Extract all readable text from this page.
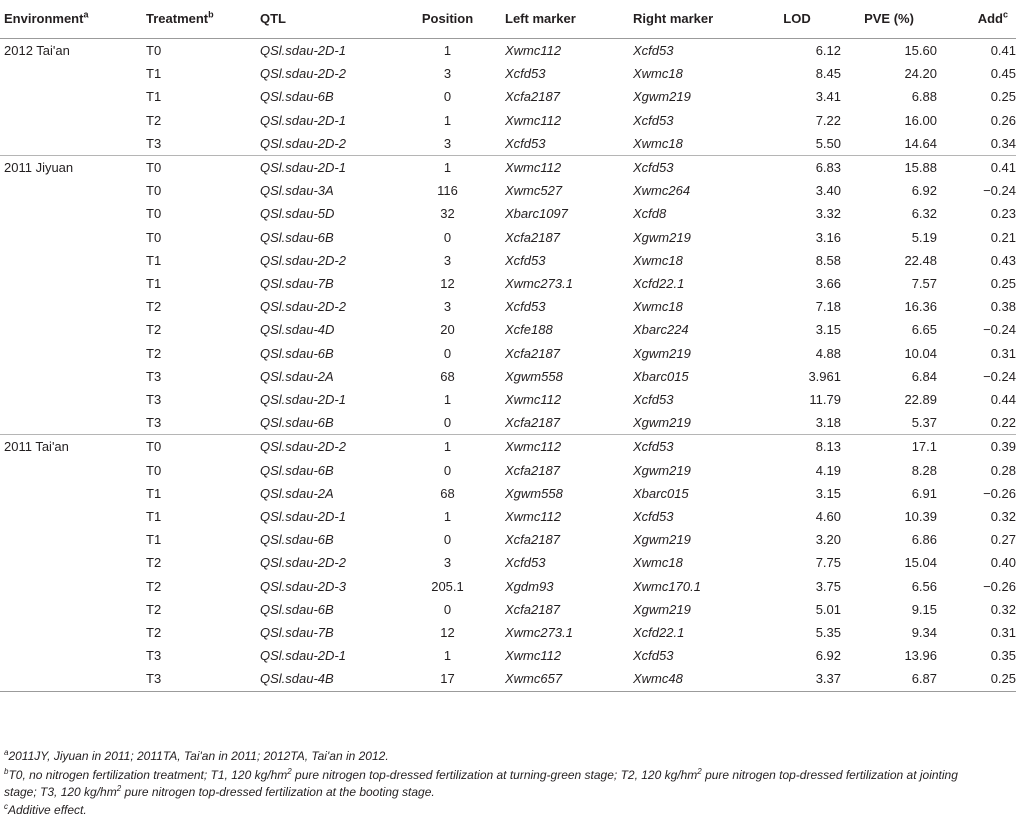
Environment$^a$	Treatment$^b$	QTL	Position	Left marker	Right marker	LOD	PVE (%)	Add$^c$
2012 Tai'an	T0	QSl.sdau-2D-1	1	Xwmc112	Xcfd53	6.12	15.60	0.41
	T1	QSl.sdau-2D-2	3	Xcfd53	Xwmc18	8.45	24.20	0.45
	T1	QSl.sdau-6B	0	Xcfa2187	Xgwm219	3.41	6.88	0.25
	T2	QSl.sdau-2D-1	1	Xwmc112	Xcfd53	7.22	16.00	0.26
	T3	QSl.sdau-2D-2	3	Xcfd53	Xwmc18	5.50	14.64	0.34
2011 Jiyuan	T0	QSl.sdau-2D-1	1	Xwmc112	Xcfd53	6.83	15.88	0.41
	T0	QSl.sdau-3A	116	Xwmc527	Xwmc264	3.40	6.92	−0.24
	T0	QSl.sdau-5D	32	Xbarc1097	Xcfd8	3.32	6.32	0.23
	T0	QSl.sdau-6B	0	Xcfa2187	Xgwm219	3.16	5.19	0.21
	T1	QSl.sdau-2D-2	3	Xcfd53	Xwmc18	8.58	22.48	0.43
	T1	QSl.sdau-7B	12	Xwmc273.1	Xcfd22.1	3.66	7.57	0.25
	T2	QSl.sdau-2D-2	3	Xcfd53	Xwmc18	7.18	16.36	0.38
	T2	QSl.sdau-4D	20	Xcfe188	Xbarc224	3.15	6.65	−0.24
	T2	QSl.sdau-6B	0	Xcfa2187	Xgwm219	4.88	10.04	0.31
	T3	QSl.sdau-2A	68	Xgwm558	Xbarc015	3.961	6.84	−0.24
	T3	QSl.sdau-2D-1	1	Xwmc112	Xcfd53	11.79	22.89	0.44
	T3	QSl.sdau-6B	0	Xcfa2187	Xgwm219	3.18	5.37	0.22
2011 Tai'an	T0	QSl.sdau-2D-2	1	Xwmc112	Xcfd53	8.13	17.1	0.39
	T0	QSl.sdau-6B	0	Xcfa2187	Xgwm219	4.19	8.28	0.28
	T1	QSl.sdau-2A	68	Xgwm558	Xbarc015	3.15	6.91	−0.26
	T1	QSl.sdau-2D-1	1	Xwmc112	Xcfd53	4.60	10.39	0.32
	T1	QSl.sdau-6B	0	Xcfa2187	Xgwm219	3.20	6.86	0.27
	T2	QSl.sdau-2D-2	3	Xcfd53	Xwmc18	7.75	15.04	0.40
	T2	QSl.sdau-2D-3	205.1	Xgdm93	Xwmc170.1	3.75	6.56	−0.26
	T2	QSl.sdau-6B	0	Xcfa2187	Xgwm219	5.01	9.15	0.32
	T2	QSl.sdau-7B	12	Xwmc273.1	Xcfd22.1	5.35	9.34	0.31
	T3	QSl.sdau-2D-1	1	Xwmc112	Xcfd53	6.92	13.96	0.35
	T3	QSl.sdau-4B	17	Xwmc657	Xwmc48	3.37	6.87	0.25
$^a$2011JY, Jiyuan in 2011; 2011TA, Tai'an in 2011; 2012TA, Tai'an in 2012.
$^b$T0, no nitrogen fertilization treatment; T1, 120 $kg/hm^2$ pure nitrogen top-dressed fertilization at turning-green stage; T2, 120 $kg/hm^2$ pure nitrogen top-dressed fertilization at jointing
stage; T3, 120 $kg/hm^2$ pure nitrogen top-dressed fertilization at the booting stage.
$^c$Additive effect.
